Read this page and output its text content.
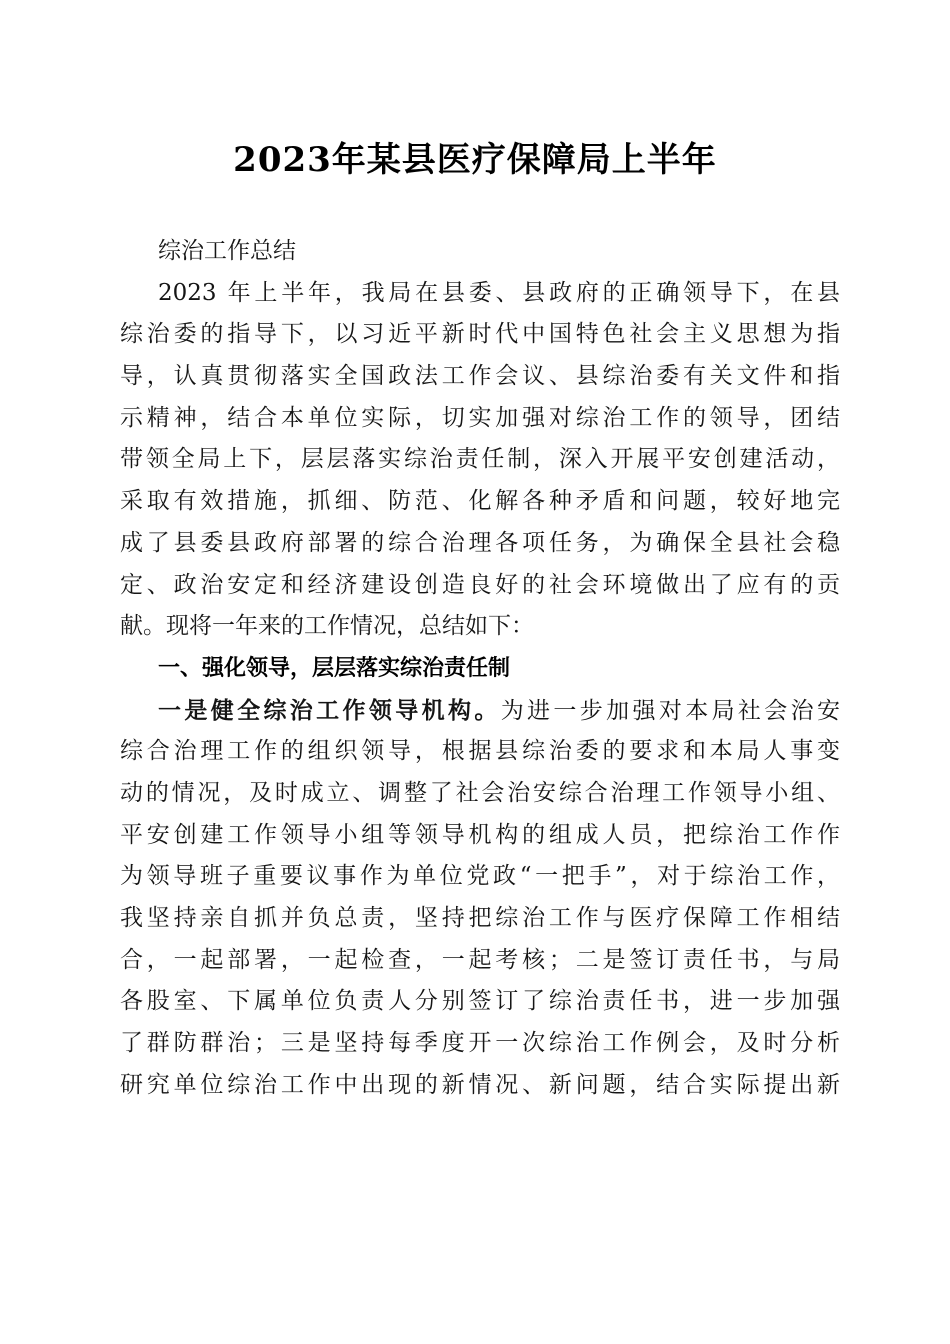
2023年某县医疗保障局上半年
综治工作总结
2023 年上半年，我局在县委、县政府的正确领导下，在县
综治委的指导下，以习近平新时代中国特色社会主义思想为指
导，认真贯彻落实全国政法工作会议、县综治委有关文件和指
示精神，结合本单位实际，切实加强对综治工作的领导，团结
带领全局上下，层层落实综治责任制，深入开展平安创建活动，
采取有效措施，抓细、防范、化解各种矛盾和问题，较好地完
成了县委县政府部署的综合治理各项任务，为确保全县社会稳
定、政治安定和经济建设创造良好的社会环境做出了应有的贡
献。现将一年来的工作情况，总结如下：
一、强化领导，层层落实综治责任制
一是健全综治工作领导机构。为进一步加强对本局社会治安
综合治理工作的组织领导，根据县综治委的要求和本局人事变
动的情况，及时成立、调整了社会治安综合治理工作领导小组、
平安创建工作领导小组等领导机构的组成人员，把综治工作作
为领导班子重要议事作为单位党政“一把手”，对于综治工作，
我坚持亲自抓并负总责，坚持把综治工作与医疗保障工作相结
合，一起部署，一起检查，一起考核；二是签订责任书，与局
各股室、下属单位负责人分别签订了综治责任书，进一步加强
了群防群治；三是坚持每季度开一次综治工作例会，及时分析
研究单位综治工作中出现的新情况、新问题，结合实际提出新
